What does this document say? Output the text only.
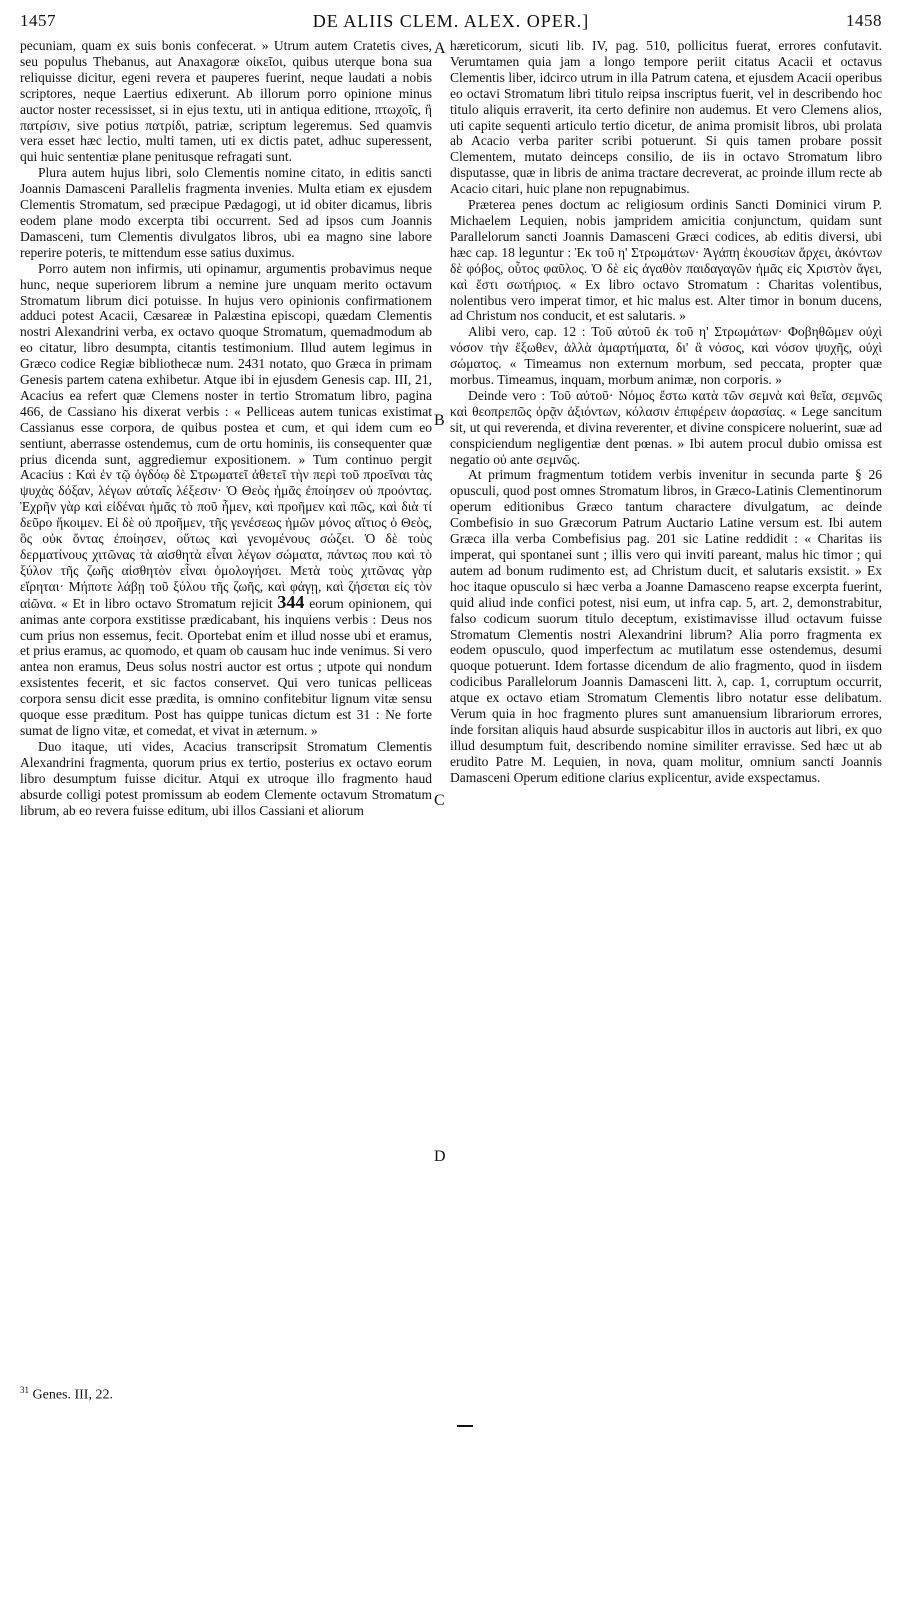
1457	DE ALIIS CLEM. ALEX. OPER.]	1458

pecuniam, quam ex suis bonis confecerat. » Utrum autem Cratetis cives, seu populus Thebanus, aut Anaxagoræ οἰκεῖοι, quibus uterque bona sua reliquisse dicitur, egeni revera et pauperes fuerint, neque laudati a nobis scriptores, neque Laertius edixerunt. Ab illorum porro opinione minus auctor noster recessisset, si in ejus textu, uti in antiqua editione, πτωχοῖς, ἢ πατρίσιν, sive potius πατρίδι, patriæ, scriptum legeremus. Sed quamvis vera esset hæc lectio, multi tamen, uti ex dictis patet, adhuc superessent, qui huic sententiæ plane penitusque refragati sunt.

Plura autem hujus libri, solo Clementis nomine citato, in editis sancti Joannis Damasceni Parallelis fragmenta invenies. Multa etiam ex ejusdem Clementis Stromatum, sed præcipue Pædagogi, ut id obiter dicamus, libris eodem plane modo excerpta tibi occurrent. Sed ad ipsos cum Joannis Damasceni, tum Clementis divulgatos libros, ubi ea magno sine labore reperire poteris, te mittendum esse satius duximus.

Porro autem non infirmis, uti opinamur, argumentis probavimus neque hunc, neque superiorem librum a nemine jure unquam merito octavum Stromatum librum dici potuisse. In hujus vero opinionis confirmationem adduci potest Acacii, Cæsareæ in Palæstina episcopi, quædam Clementis nostri Alexandrini verba, ex octavo quoque Stromatum, quemadmodum ab eo citatur, libro desumpta, citantis testimonium. Illud autem legimus in Græco codice Regiæ bibliothecæ num. 2431 notato, quo Græca in primam Genesis partem catena exhibetur. Atque ibi in ejusdem Genesis cap. III, 21, Acacius ea refert quæ Clemens noster in tertio Stromatum libro, pagina 466, de Cassiano his dixerat verbis : « Pelliceas autem tunicas existimat Cassianus esse corpora, de quibus postea et cum, et qui idem cum eo sentiunt, aberrasse ostendemus, cum de ortu hominis, iis consequenter quæ prius dicenda sunt, aggrediemur expositionem. » Tum continuo pergit Acacius : Καὶ ἐν τῷ ὀγδόῳ δὲ Στρωματεῖ ἀθετεῖ τὴν περὶ τοῦ προεῖναι τὰς ψυχὰς δόξαν, λέγων αὐταῖς λέξεσιν· Ὁ Θεὸς ἡμᾶς ἐποίησεν οὐ προόντας. Ἐχρῆν γὰρ καὶ εἰδέναι ἡμᾶς τὸ ποῦ ἦμεν, καὶ προῆμεν καὶ πῶς, καὶ διὰ τί δεῦρο ἥκοιμεν. Εἰ δὲ οὐ προῆμεν, τῆς γενέσεως ἡμῶν μόνος αἴτιος ὁ Θεὸς, ὃς οὐκ ὄντας ἐποίησεν, οὕτως καὶ γενομένους σώζει. Ὁ δὲ τοὺς δερματίνους χιτῶνας τὰ αἰσθητὰ εἶναι λέγων σώματα, πάντως που καὶ τὸ ξύλον τῆς ζωῆς αἰσθητὸν εἶναι ὁμολογήσει. Μετὰ τοὺς χιτῶνας γὰρ εἴρηται· Μήποτε λάβῃ τοῦ ξύλου τῆς ζωῆς, καὶ φάγῃ, καὶ ζήσεται εἰς τὸν αἰῶνα. « Et in libro octavo Stromatum rejicit 344 eorum opinionem, qui animas ante corpora exstitisse prædicabant, his inquiens verbis : Deus nos cum prius non essemus, fecit. Oportebat enim et illud nosse ubi et eramus, et prius eramus, ac quomodo, et quam ob causam huc inde venimus. Si vero antea non eramus, Deus solus nostri auctor est ortus ; utpote qui nondum exsistentes fecerit, et sic factos conservet. Qui vero tunicas pelliceas corpora sensu dicit esse prædita, is omnino confitebitur lignum vitæ sensu quoque esse præditum. Post has quippe tunicas dictum est 31 : Ne forte sumat de ligno vitæ, et comedat, et vivat in æternum. »

Duo itaque, uti vides, Acacius transcripsit Stromatum Clementis Alexandrini fragmenta, quorum prius ex tertio, posterius ex octavo eorum libro desumptum fuisse dicitur. Atqui ex utroque illo fragmento haud absurde colligi potest promissum ab eodem Clemente octavum Stromatum librum, ab eo revera fuisse editum, ubi illos Cassiani et aliorum

A
B
C
D

hæreticorum, sicuti lib. IV, pag. 510, pollicitus fuerat, errores confutavit. Verumtamen quia jam a longo tempore periit citatus Acacii et octavus Clementis liber, idcirco utrum in illa Patrum catena, et ejusdem Acacii operibus eo octavi Stromatum libri titulo reipsa inscriptus fuerit, vel in describendo hoc titulo aliquis erraverit, ita certo definire non audemus. Et vero Clemens alios, uti capite sequenti articulo tertio dicetur, de anima promisit libros, ubi prolata ab Acacio verba pariter scribi potuerunt. Si quis tamen probare possit Clementem, mutato deinceps consilio, de iis in octavo Stromatum libro disputasse, quæ in libris de anima tractare decreverat, ac proinde illum recte ab Acacio citari, huic plane non repugnabimus.

Præterea penes doctum ac religiosum ordinis Sancti Dominici virum P. Michaelem Lequien, nobis jampridem amicitia conjunctum, quidam sunt Parallelorum sancti Joannis Damasceni Græci codices, ab editis diversi, ubi hæc cap. 18 leguntur : Ἐκ τοῦ η' Στρωμάτων· Ἀγάπη ἑκουσίων ἄρχει, ἀκόντων δὲ φόβος, οὗτος φαῦλος. Ὁ δὲ εἰς ἀγαθὸν παιδαγαγῶν ἡμᾶς εἰς Χριστὸν ἄγει, καὶ ἔστι σωτήριος. « Ex libro octavo Stromatum : Charitas volentibus, nolentibus vero imperat timor, et hic malus est. Alter timor in bonum ducens, ad Christum nos conducit, et est salutaris. »

Alibi vero, cap. 12 : Τοῦ αὐτοῦ ἐκ τοῦ η' Στρωμάτων· Φοβηθῶμεν οὐχὶ νόσον τὴν ἔξωθεν, ἀλλὰ ἁμαρτήματα, δι' ἃ νόσος, καὶ νόσον ψυχῆς, οὐχὶ σώματος. « Timeamus non externum morbum, sed peccata, propter quæ morbus. Timeamus, inquam, morbum animæ, non corporis. »

Deinde vero : Τοῦ αὐτοῦ· Νόμος ἔστω κατὰ τῶν σεμνὰ καὶ θεῖα, σεμνῶς καὶ θεοπρεπῶς ὁρᾷν ἀξιόντων, κόλασιν ἐπιφέρειν ἀορασίας. « Lege sancitum sit, ut qui reverenda, et divina reverenter, et divine conspicere noluerint, suæ ad conspiciendum negligentiæ dent pœnas. » Ibi autem procul dubio omissa est negatio οὐ ante σεμνῶς.

At primum fragmentum totidem verbis invenitur in secunda parte § 26 opusculi, quod post omnes Stromatum libros, in Græco-Latinis Clementinorum operum editionibus Græco tantum charactere divulgatum, ac deinde Combefisio in suo Græcorum Patrum Auctario Latine versum est. Ibi autem Græca illa verba Combefisius pag. 201 sic Latine reddidit : « Charitas iis imperat, qui spontanei sunt ; illis vero qui inviti pareant, malus hic timor ; qui autem ad bonum rudimento est, ad Christum ducit, et salutaris exsistit. » Ex hoc itaque opusculo si hæc verba a Joanne Damasceno reapse excerpta fuerint, quid aliud inde confici potest, nisi eum, ut infra cap. 5, art. 2, demonstrabitur, falso codicum suorum titulo deceptum, existimavisse illud octavum fuisse Stromatum Clementis nostri Alexandrini librum? Alia porro fragmenta ex eodem opusculo, quod imperfectum ac mutilatum esse ostendemus, desumi quoque potuerunt. Idem fortasse dicendum de alio fragmento, quod in iisdem codicibus Parallelorum Joannis Damasceni litt. λ, cap. 1, corruptum occurrit, atque ex octavo etiam Stromatum Clementis libro notatur esse delibatum. Verum quia in hoc fragmento plures sunt amanuensium librariorum errores, inde forsitan aliquis haud absurde suspicabitur illos in auctoris aut libri, ex quo illud desumptum fuit, describendo nomine similiter erravisse. Sed hæc ut ab erudito Patre M. Lequien, in nova, quam molitur, omnium sancti Joannis Damasceni Operum editione clarius explicentur, avide exspectamus.

$^{31}$ Genes. III, 22.
